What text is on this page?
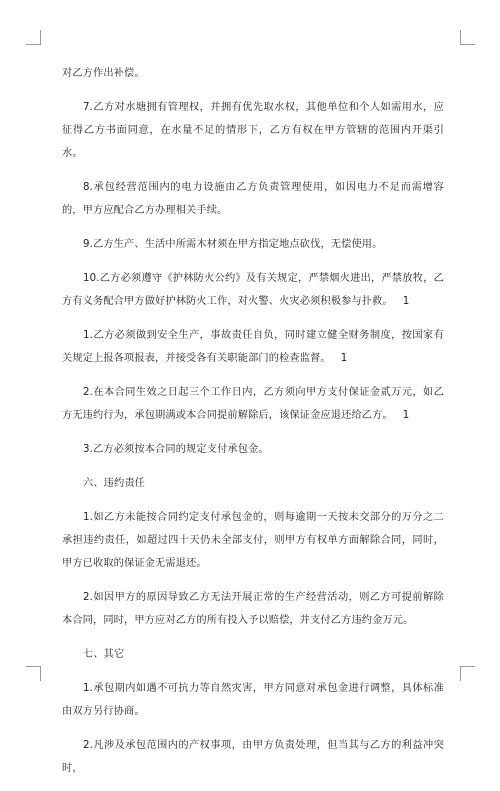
对乙方作出补偿。

7.乙方对水塘拥有管理权，并拥有优先取水权，其他单位和个人如需用水，应征得乙方书面同意，在水量不足的情形下，乙方有权在甲方管辖的范围内开渠引水。

8.承包经营范围内的电力设施由乙方负责管理使用，如因电力不足而需增容的，甲方应配合乙方办理相关手续。

9.乙方生产、生活中所需木材须在甲方指定地点砍伐，无偿使用。

10.乙方必须遵守《护林防火公约》及有关规定，严禁烟火进出，严禁放牧，乙方有义务配合甲方做好护林防火工作，对火警、火灾必须积极参与扑救。 1

1.乙方必须做到安全生产，事故责任自负，同时建立健全财务制度，按国家有关规定上报各项报表，并接受各有关职能部门的检查监督。 1

2.在本合同生效之日起三个工作日内，乙方须向甲方支付保证金贰万元，如乙方无违约行为，承包期满或本合同提前解除后，该保证金应退还给乙方。 1

3.乙方必须按本合同的规定支付承包金。

六、违约责任

1.如乙方未能按合同约定支付承包金的，则每逾期一天按未交部分的万分之二承担违约责任，如超过四十天仍未全部支付，则甲方有权单方面解除合同，同时，甲方已收取的保证金无需退还。

2.如因甲方的原因导致乙方无法开展正常的生产经营活动，则乙方可提前解除本合同，同时，甲方应对乙方的所有投入予以赔偿，并支付乙方违约金万元。

七、其它

1.承包期内如遇不可抗力等自然灾害，甲方同意对承包金进行调整，具体标准由双方另行协商。

2.凡涉及承包范围内的产权事项，由甲方负责处理，但当其与乙方的利益冲突时，
